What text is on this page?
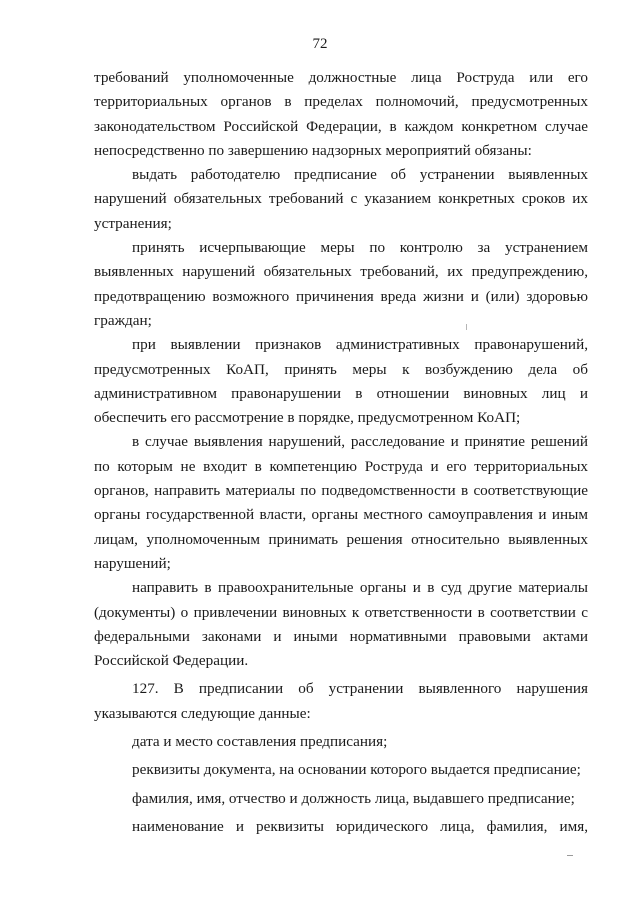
72

требований уполномоченные должностные лица Роструда или его территориальных органов в пределах полномочий, предусмотренных законодательством Российской Федерации, в каждом конкретном случае непосредственно по завершению надзорных мероприятий обязаны:

выдать работодателю предписание об устранении выявленных нарушений обязательных требований с указанием конкретных сроков их устранения;

принять исчерпывающие меры по контролю за устранением выявленных нарушений обязательных требований, их предупреждению, предотвращению возможного причинения вреда жизни и (или) здоровью граждан;

при выявлении признаков административных правонарушений, предусмотренных КоАП, принять меры к возбуждению дела об административном правонарушении в отношении виновных лиц и обеспечить его рассмотрение в порядке, предусмотренном КоАП;

в случае выявления нарушений, расследование и принятие решений по которым не входит в компетенцию Роструда и его территориальных органов, направить материалы по подведомственности в соответствующие органы государственной власти, органы местного самоуправления и иным лицам, уполномоченным принимать решения относительно выявленных нарушений;

направить в правоохранительные органы и в суд другие материалы (документы) о привлечении виновных к ответственности в соответствии с федеральными законами и иными нормативными правовыми актами Российской Федерации.

127. В предписании об устранении выявленного нарушения указываются следующие данные:

дата и место составления предписания;

реквизиты документа, на основании которого выдается предписание;

фамилия, имя, отчество и должность лица, выдавшего предписание;

наименование и реквизиты юридического лица, фамилия, имя,
